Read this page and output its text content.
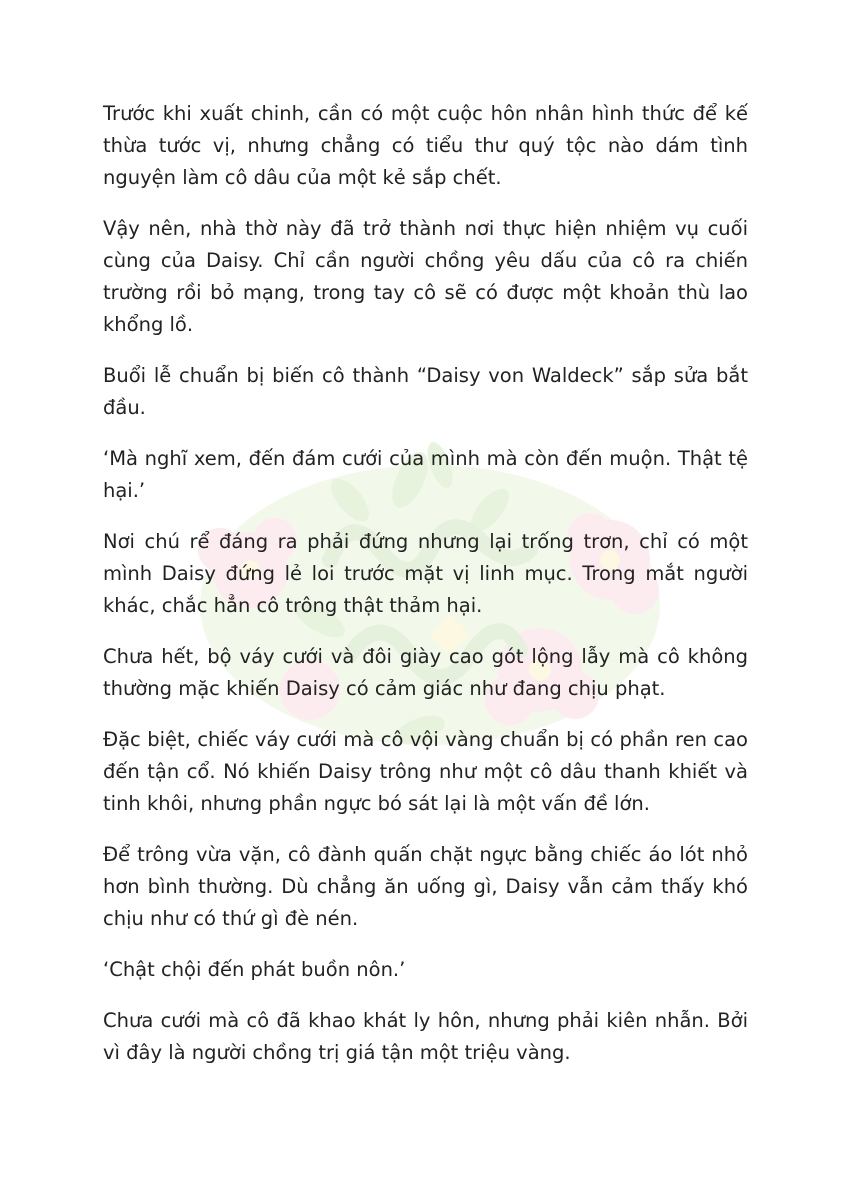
Trước khi xuất chinh, cần có một cuộc hôn nhân hình thức để kế thừa tước vị, nhưng chẳng có tiểu thư quý tộc nào dám tình nguyện làm cô dâu của một kẻ sắp chết.

Vậy nên, nhà thờ này đã trở thành nơi thực hiện nhiệm vụ cuối cùng của Daisy. Chỉ cần người chồng yêu dấu của cô ra chiến trường rồi bỏ mạng, trong tay cô sẽ có được một khoản thù lao khổng lồ.

Buổi lễ chuẩn bị biến cô thành “Daisy von Waldeck” sắp sửa bắt đầu.

‘Mà nghĩ xem, đến đám cưới của mình mà còn đến muộn. Thật tệ hại.’

Nơi chú rể đáng ra phải đứng nhưng lại trống trơn, chỉ có một mình Daisy đứng lẻ loi trước mặt vị linh mục. Trong mắt người khác, chắc hẳn cô trông thật thảm hại.

Chưa hết, bộ váy cưới và đôi giày cao gót lộng lẫy mà cô không thường mặc khiến Daisy có cảm giác như đang chịu phạt.

Đặc biệt, chiếc váy cưới mà cô vội vàng chuẩn bị có phần ren cao đến tận cổ. Nó khiến Daisy trông như một cô dâu thanh khiết và tinh khôi, nhưng phần ngực bó sát lại là một vấn đề lớn.

Để trông vừa vặn, cô đành quấn chặt ngực bằng chiếc áo lót nhỏ hơn bình thường. Dù chẳng ăn uống gì, Daisy vẫn cảm thấy khó chịu như có thứ gì đè nén.

‘Chật chội đến phát buồn nôn.’

Chưa cưới mà cô đã khao khát ly hôn, nhưng phải kiên nhẫn. Bởi vì đây là người chồng trị giá tận một triệu vàng.
